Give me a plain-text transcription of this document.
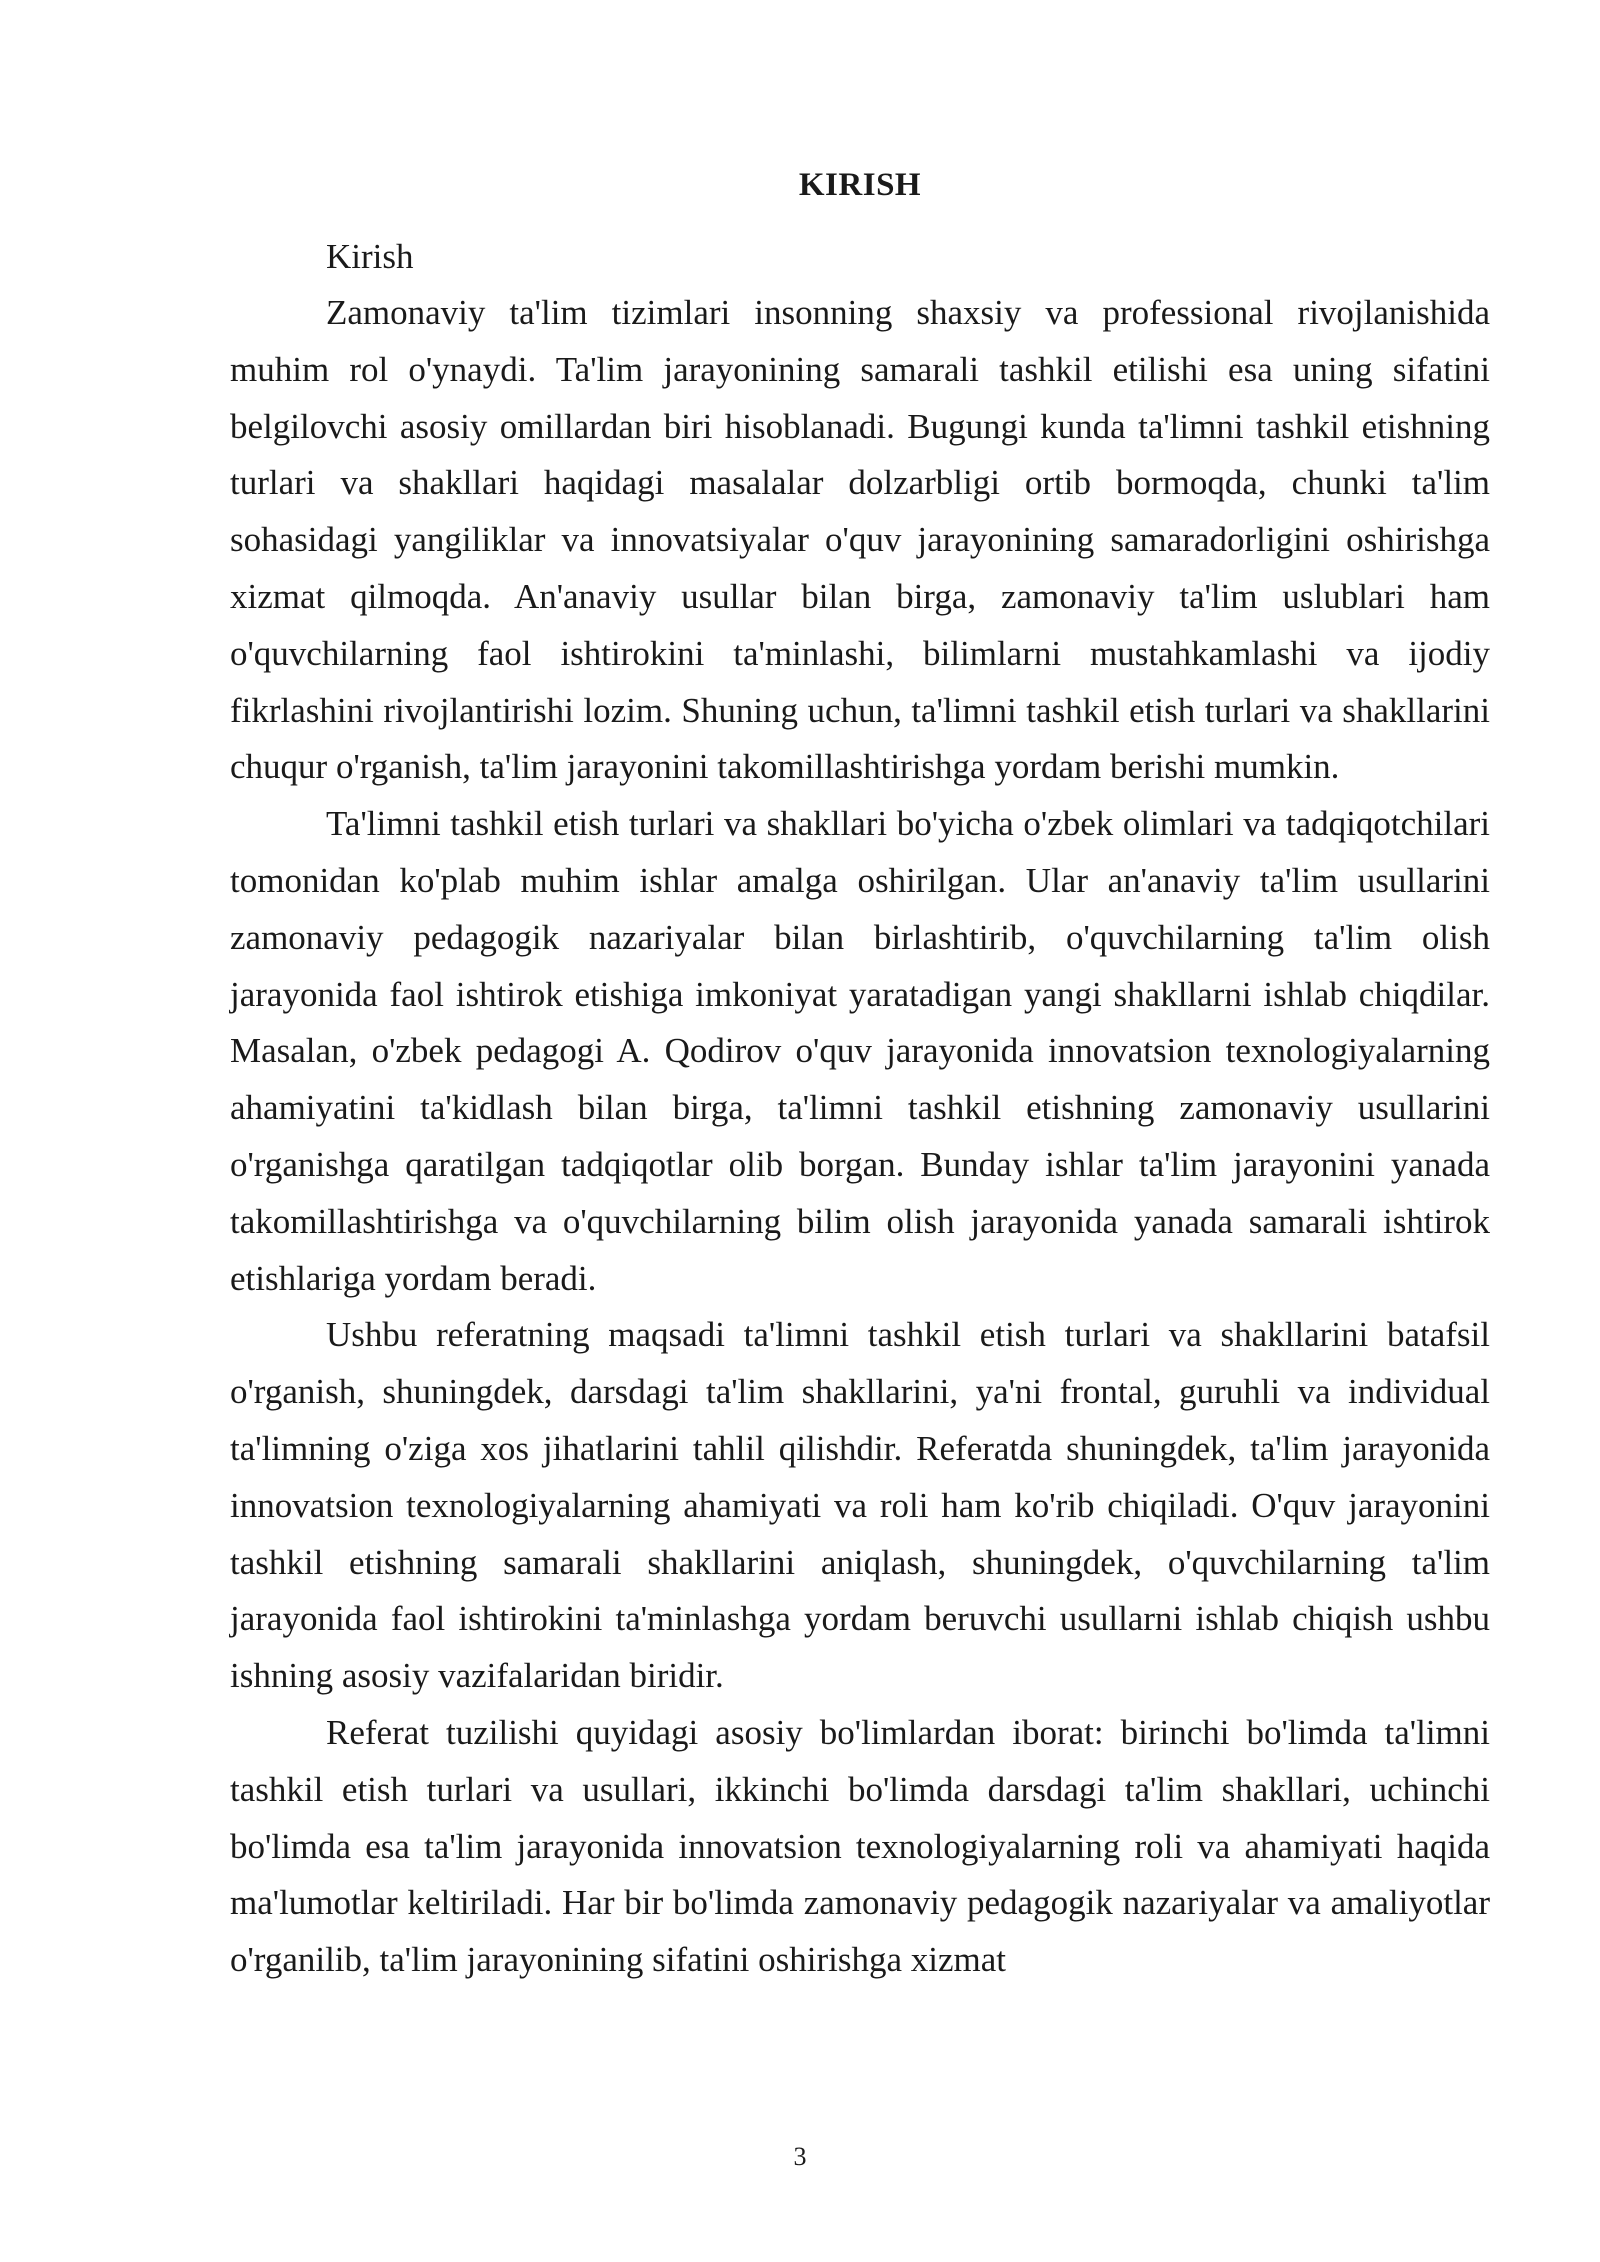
KIRISH

Kirish

Zamonaviy ta'lim tizimlari insonning shaxsiy va professional rivojlanishida muhim rol o'ynaydi. Ta'lim jarayonining samarali tashkil etilishi esa uning sifatini belgilovchi asosiy omillardan biri hisoblanadi. Bugungi kunda ta'limni tashkil etishning turlari va shakllari haqidagi masalalar dolzarbligi ortib bormoqda, chunki ta'lim sohasidagi yangiliklar va innovatsiyalar o'quv jarayonining samaradorligini oshirishga xizmat qilmoqda. An'anaviy usullar bilan birga, zamonaviy ta'lim uslublari ham o'quvchilarning faol ishtirokini ta'minlashi, bilimlarni mustahkamlashi va ijodiy fikrlashini rivojlantirishi lozim. Shuning uchun, ta'limni tashkil etish turlari va shakllarini chuqur o'rganish, ta'lim jarayonini takomillashtirishga yordam berishi mumkin.

Ta'limni tashkil etish turlari va shakllari bo'yicha o'zbek olimlari va tadqiqotchilari tomonidan ko'plab muhim ishlar amalga oshirilgan. Ular an'anaviy ta'lim usullarini zamonaviy pedagogik nazariyalar bilan birlashtirib, o'quvchilarning ta'lim olish jarayonida faol ishtirok etishiga imkoniyat yaratadigan yangi shakllarni ishlab chiqdilar. Masalan, o'zbek pedagogi A. Qodirov o'quv jarayonida innovatsion texnologiyalarning ahamiyatini ta'kidlash bilan birga, ta'limni tashkil etishning zamonaviy usullarini o'rganishga qaratilgan tadqiqotlar olib borgan. Bunday ishlar ta'lim jarayonini yanada takomillashtirishga va o'quvchilarning bilim olish jarayonida yanada samarali ishtirok etishlariga yordam beradi.

Ushbu referatning maqsadi ta'limni tashkil etish turlari va shakllarini batafsil o'rganish, shuningdek, darsdagi ta'lim shakllarini, ya'ni frontal, guruhli va individual ta'limning o'ziga xos jihatlarini tahlil qilishdir. Referatda shuningdek, ta'lim jarayonida innovatsion texnologiyalarning ahamiyati va roli ham ko'rib chiqiladi. O'quv jarayonini tashkil etishning samarali shakllarini aniqlash, shuningdek, o'quvchilarning ta'lim jarayonida faol ishtirokini ta'minlashga yordam beruvchi usullarni ishlab chiqish ushbu ishning asosiy vazifalaridan biridir.

Referat tuzilishi quyidagi asosiy bo'limlardan iborat: birinchi bo'limda ta'limni tashkil etish turlari va usullari, ikkinchi bo'limda darsdagi ta'lim shakllari, uchinchi bo'limda esa ta'lim jarayonida innovatsion texnologiyalarning roli va ahamiyati haqida ma'lumotlar keltiriladi. Har bir bo'limda zamonaviy pedagogik nazariyalar va amaliyotlar o'rganilib, ta'lim jarayonining sifatini oshirishga xizmat

3
